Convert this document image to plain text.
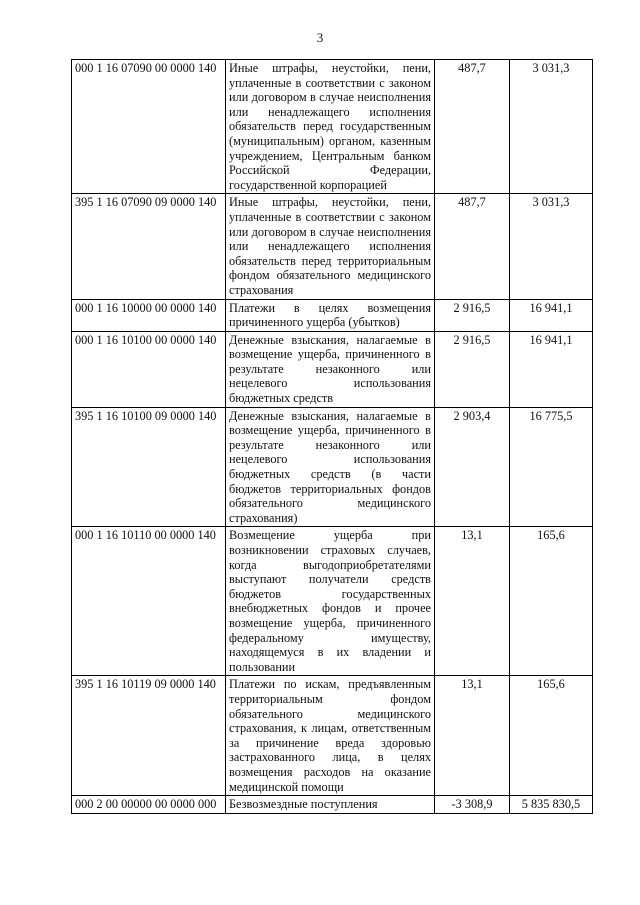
3
000 1 16 07090 00 0000 140	Иные штрафы, неустойки, пени, уплаченные в соответствии с законом или договором в случае неисполнения или ненадлежащего исполнения обязательств перед государственным (муниципальным) органом, казенным учреждением, Центральным банком Российской Федерации, государственной корпорацией	487,7	3 031,3
395 1 16 07090 09 0000 140	Иные штрафы, неустойки, пени, уплаченные в соответствии с законом или договором в случае неисполнения или ненадлежащего исполнения обязательств перед территориальным фондом обязательного медицинского страхования	487,7	3 031,3
000 1 16 10000 00 0000 140	Платежи в целях возмещения причиненного ущерба (убытков)	2 916,5	16 941,1
000 1 16 10100 00 0000 140	Денежные взыскания, налагаемые в возмещение ущерба, причиненного в результате незаконного или нецелевого использования бюджетных средств	2 916,5	16 941,1
395 1 16 10100 09 0000 140	Денежные взыскания, налагаемые в возмещение ущерба, причиненного в результате незаконного или нецелевого использования бюджетных средств (в части бюджетов территориальных фондов обязательного медицинского страхования)	2 903,4	16 775,5
000 1 16 10110 00 0000 140	Возмещение ущерба при возникновении страховых случаев, когда выгодоприобретателями выступают получатели средств бюджетов государственных внебюджетных фондов и прочее возмещение ущерба, причиненного федеральному имуществу, находящемуся в их владении и пользовании	13,1	165,6
395 1 16 10119 09 0000 140	Платежи по искам, предъявленным территориальным фондом обязательного медицинского страхования, к лицам, ответственным за причинение вреда здоровью застрахованного лица, в целях возмещения расходов на оказание медицинской помощи	13,1	165,6
000 2 00 00000 00 0000 000	Безвозмездные поступления	-3 308,9	5 835 830,5
